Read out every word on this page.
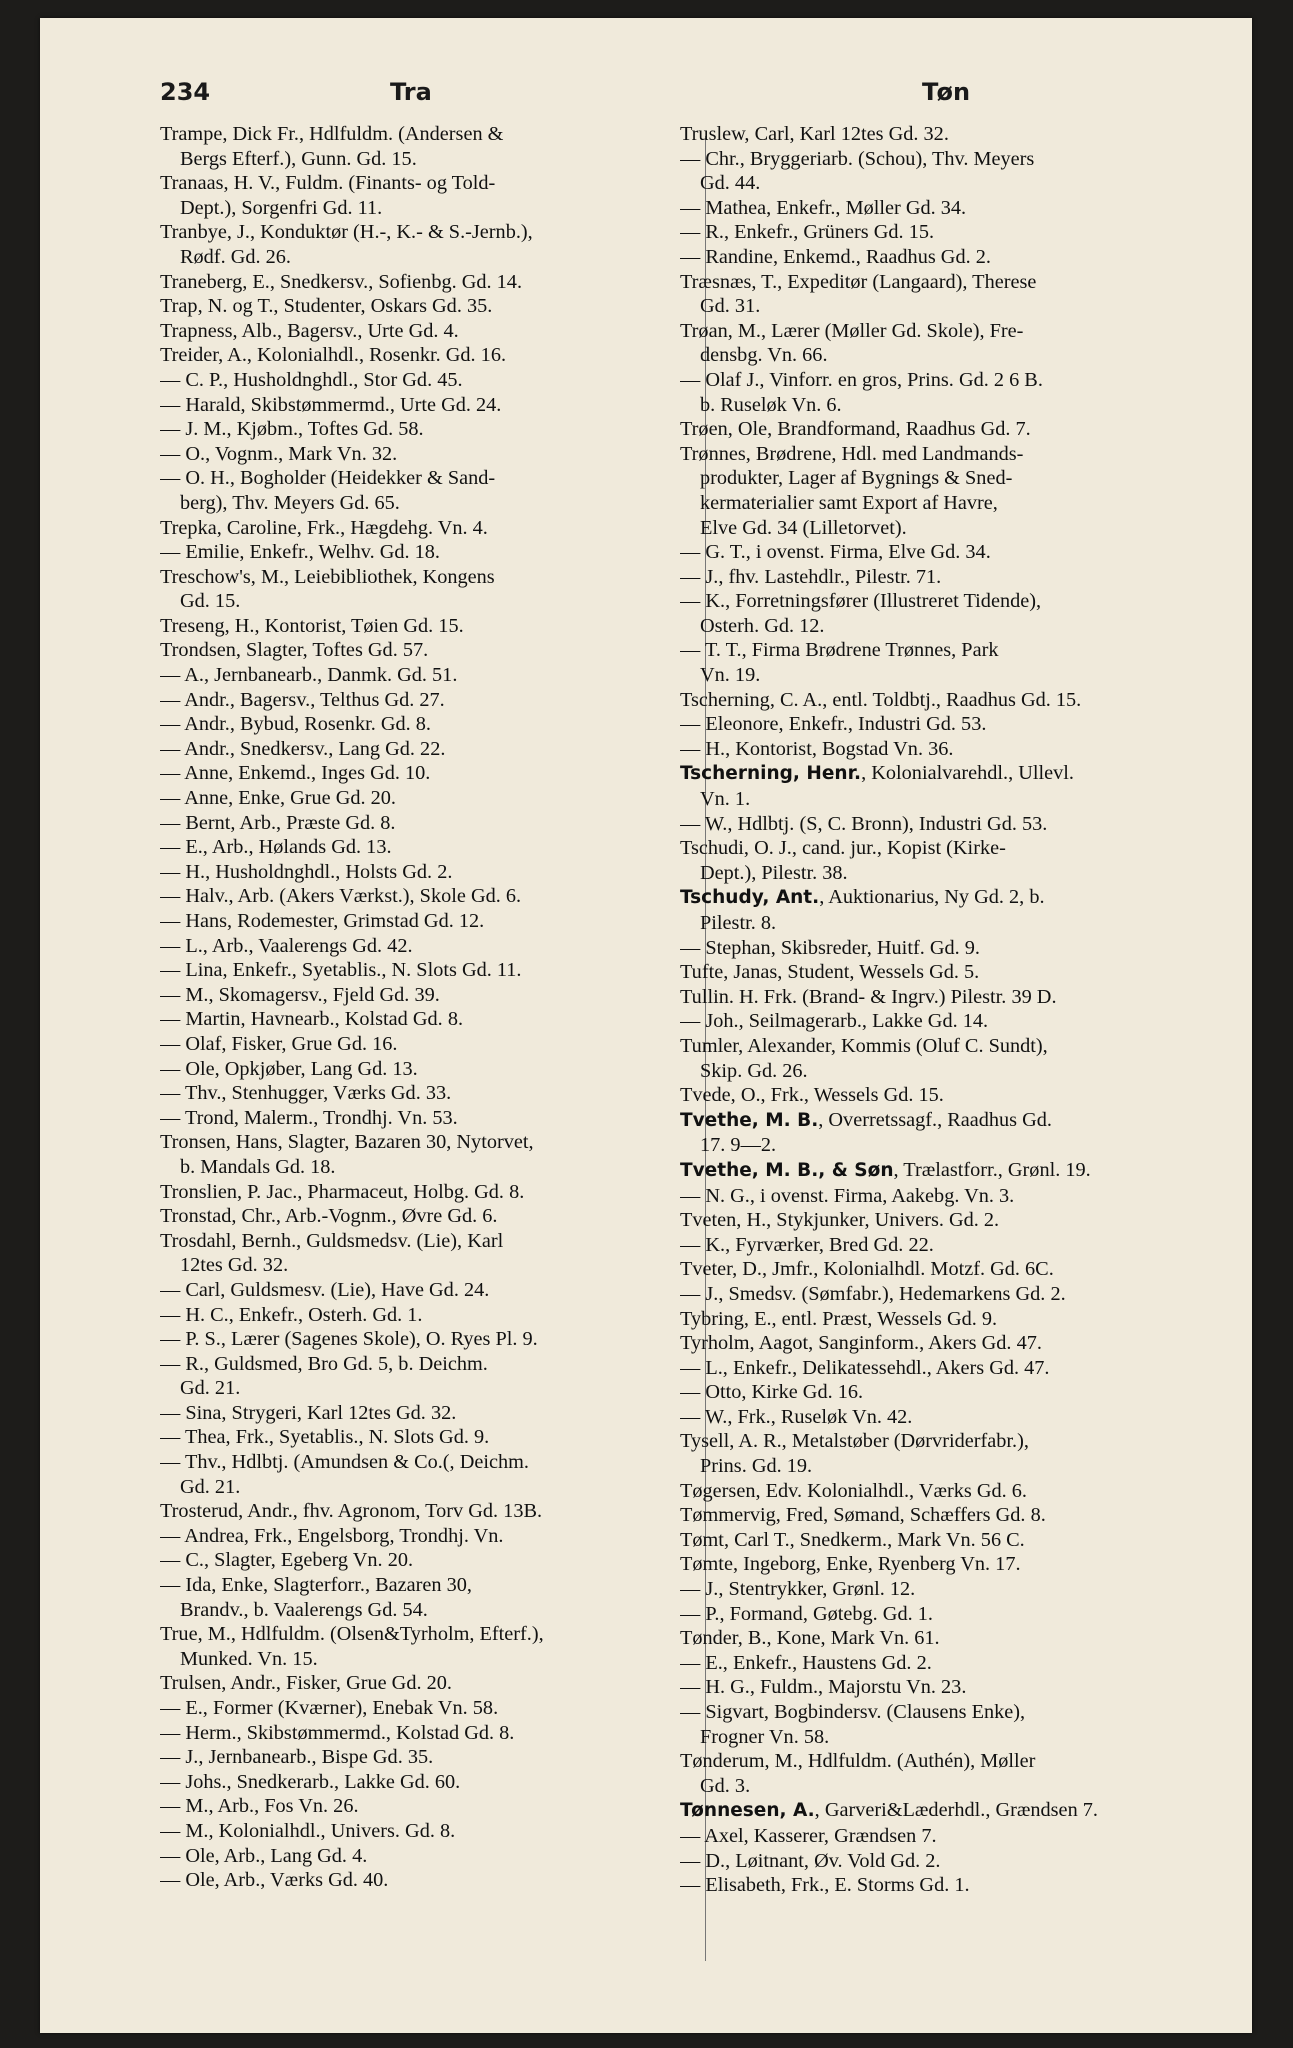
234	Tra	Tøn

Trampe, Dick Fr., Hdlfuldm. (Andersen &

Bergs Efterf.), Gunn. Gd. 15.

Tranaas, H. V., Fuldm. (Finants- og Told-

Dept.), Sorgenfri Gd. 11.

Tranbye, J., Konduktør (H.-, K.- & S.-Jernb.),

Rødf. Gd. 26.

Traneberg, E., Snedkersv., Sofienbg. Gd. 14.

Trap, N. og T., Studenter, Oskars Gd. 35.

Trapness, Alb., Bagersv., Urte Gd. 4.

Treider, A., Kolonialhdl., Rosenkr. Gd. 16.

— C. P., Husholdnghdl., Stor Gd. 45.

— Harald, Skibstømmermd., Urte Gd. 24.

— J. M., Kjøbm., Toftes Gd. 58.

— O., Vognm., Mark Vn. 32.

— O. H., Bogholder (Heidekker & Sand-

berg), Thv. Meyers Gd. 65.

Trepka, Caroline, Frk., Hægdehg. Vn. 4.

— Emilie, Enkefr., Welhv. Gd. 18.

Treschow's, M., Leiebibliothek, Kongens

Gd. 15.

Treseng, H., Kontorist, Tøien Gd. 15.

Trondsen, Slagter, Toftes Gd. 57.

— A., Jernbanearb., Danmk. Gd. 51.

— Andr., Bagersv., Telthus Gd. 27.

— Andr., Bybud, Rosenkr. Gd. 8.

— Andr., Snedkersv., Lang Gd. 22.

— Anne, Enkemd., Inges Gd. 10.

— Anne, Enke, Grue Gd. 20.

— Bernt, Arb., Præste Gd. 8.

— E., Arb., Hølands Gd. 13.

— H., Husholdnghdl., Holsts Gd. 2.

— Halv., Arb. (Akers Værkst.), Skole Gd. 6.

— Hans, Rodemester, Grimstad Gd. 12.

— L., Arb., Vaalerengs Gd. 42.

— Lina, Enkefr., Syetablis., N. Slots Gd. 11.

— M., Skomagersv., Fjeld Gd. 39.

— Martin, Havnearb., Kolstad Gd. 8.

— Olaf, Fisker, Grue Gd. 16.

— Ole, Opkjøber, Lang Gd. 13.

— Thv., Stenhugger, Værks Gd. 33.

— Trond, Malerm., Trondhj. Vn. 53.

Tronsen, Hans, Slagter, Bazaren 30, Nytorvet,

b. Mandals Gd. 18.

Tronslien, P. Jac., Pharmaceut, Holbg. Gd. 8.

Tronstad, Chr., Arb.-Vognm., Øvre Gd. 6.

Trosdahl, Bernh., Guldsmedsv. (Lie), Karl

12tes Gd. 32.

— Carl, Guldsmesv. (Lie), Have Gd. 24.

— H. C., Enkefr., Osterh. Gd. 1.

— P. S., Lærer (Sagenes Skole), O. Ryes Pl. 9.

— R., Guldsmed, Bro Gd. 5, b. Deichm.

Gd. 21.

— Sina, Strygeri, Karl 12tes Gd. 32.

— Thea, Frk., Syetablis., N. Slots Gd. 9.

— Thv., Hdlbtj. (Amundsen & Co.(, Deichm.

Gd. 21.

Trosterud, Andr., fhv. Agronom, Torv Gd. 13B.

— Andrea, Frk., Engelsborg, Trondhj. Vn.

— C., Slagter, Egeberg Vn. 20.

— Ida, Enke, Slagterforr., Bazaren 30,

Brandv., b. Vaalerengs Gd. 54.

True, M., Hdlfuldm. (Olsen&Tyrholm, Efterf.),

Munked. Vn. 15.

Trulsen, Andr., Fisker, Grue Gd. 20.

— E., Former (Kværner), Enebak Vn. 58.

— Herm., Skibstømmermd., Kolstad Gd. 8.

— J., Jernbanearb., Bispe Gd. 35.

— Johs., Snedkerarb., Lakke Gd. 60.

— M., Arb., Fos Vn. 26.

— M., Kolonialhdl., Univers. Gd. 8.

— Ole, Arb., Lang Gd. 4.

— Ole, Arb., Værks Gd. 40.

Truslew, Carl, Karl 12tes Gd. 32.

— Chr., Bryggeriarb. (Schou), Thv. Meyers

Gd. 44.

— Mathea, Enkefr., Møller Gd. 34.

— R., Enkefr., Grüners Gd. 15.

— Randine, Enkemd., Raadhus Gd. 2.

Træsnæs, T., Expeditør (Langaard), Therese

Gd. 31.

Trøan, M., Lærer (Møller Gd. Skole), Fre-

densbg. Vn. 66.

— Olaf J., Vinforr. en gros, Prins. Gd. 2 6 B.

b. Ruseløk Vn. 6.

Trøen, Ole, Brandformand, Raadhus Gd. 7.

Trønnes, Brødrene, Hdl. med Landmands-

produkter, Lager af Bygnings & Sned-

kermaterialier samt Export af Havre,

Elve Gd. 34 (Lilletorvet).

— G. T., i ovenst. Firma, Elve Gd. 34.

— J., fhv. Lastehdlr., Pilestr. 71.

— K., Forretningsfører (Illustreret Tidende),

Osterh. Gd. 12.

— T. T., Firma Brødrene Trønnes, Park

Vn. 19.

Tscherning, C. A., entl. Toldbtj., Raadhus Gd. 15.

— Eleonore, Enkefr., Industri Gd. 53.

— H., Kontorist, Bogstad Vn. 36.

Tscherning, Henr., Kolonialvarehdl., Ullevl.

Vn. 1.

— W., Hdlbtj. (S, C. Bronn), Industri Gd. 53.

Tschudi, O. J., cand. jur., Kopist (Kirke-

Dept.), Pilestr. 38.

Tschudy, Ant., Auktionarius, Ny Gd. 2, b.

Pilestr. 8.

— Stephan, Skibsreder, Huitf. Gd. 9.

Tufte, Janas, Student, Wessels Gd. 5.

Tullin. H. Frk. (Brand- & Ingrv.) Pilestr. 39 D.

— Joh., Seilmagerarb., Lakke Gd. 14.

Tumler, Alexander, Kommis (Oluf C. Sundt),

Skip. Gd. 26.

Tvede, O., Frk., Wessels Gd. 15.

Tvethe, M. B., Overretssagf., Raadhus Gd.

17. 9—2.

Tvethe, M. B., & Søn, Trælastforr., Grønl. 19.

— N. G., i ovenst. Firma, Aakebg. Vn. 3.

Tveten, H., Stykjunker, Univers. Gd. 2.

— K., Fyrværker, Bred Gd. 22.

Tveter, D., Jmfr., Kolonialhdl. Motzf. Gd. 6C.

— J., Smedsv. (Sømfabr.), Hedemarkens Gd. 2.

Tybring, E., entl. Præst, Wessels Gd. 9.

Tyrholm, Aagot, Sanginform., Akers Gd. 47.

— L., Enkefr., Delikatessehdl., Akers Gd. 47.

— Otto, Kirke Gd. 16.

— W., Frk., Ruseløk Vn. 42.

Tysell, A. R., Metalstøber (Dørvriderfabr.),

Prins. Gd. 19.

Tøgersen, Edv. Kolonialhdl., Værks Gd. 6.

Tømmervig, Fred, Sømand, Schæffers Gd. 8.

Tømt, Carl T., Snedkerm., Mark Vn. 56 C.

Tømte, Ingeborg, Enke, Ryenberg Vn. 17.

— J., Stentrykker, Grønl. 12.

— P., Formand, Gøtebg. Gd. 1.

Tønder, B., Kone, Mark Vn. 61.

— E., Enkefr., Haustens Gd. 2.

— H. G., Fuldm., Majorstu Vn. 23.

— Sigvart, Bogbindersv. (Clausens Enke),

Frogner Vn. 58.

Tønderum, M., Hdlfuldm. (Authén), Møller

Gd. 3.

Tønnesen, A., Garveri&Læderhdl., Grændsen 7.

— Axel, Kasserer, Grændsen 7.

— D., Løitnant, Øv. Vold Gd. 2.

— Elisabeth, Frk., E. Storms Gd. 1.
